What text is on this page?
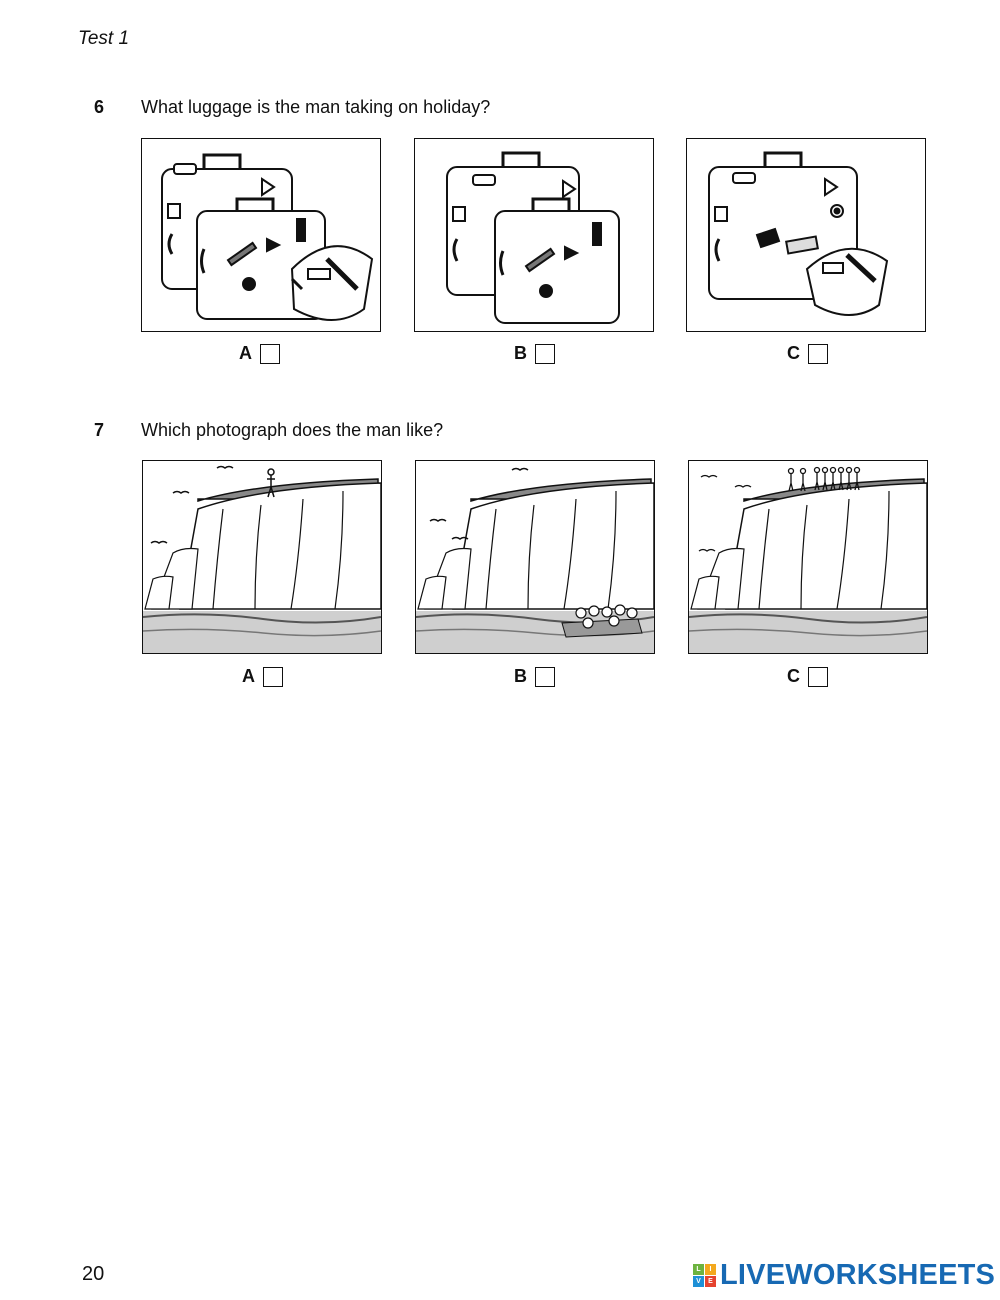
Test 1
6 What luggage is the man taking on holiday?
A	B	C
7 Which photograph does the man like?
A	B	C
20	L	I
V	E LIVEWORKSHEETS
